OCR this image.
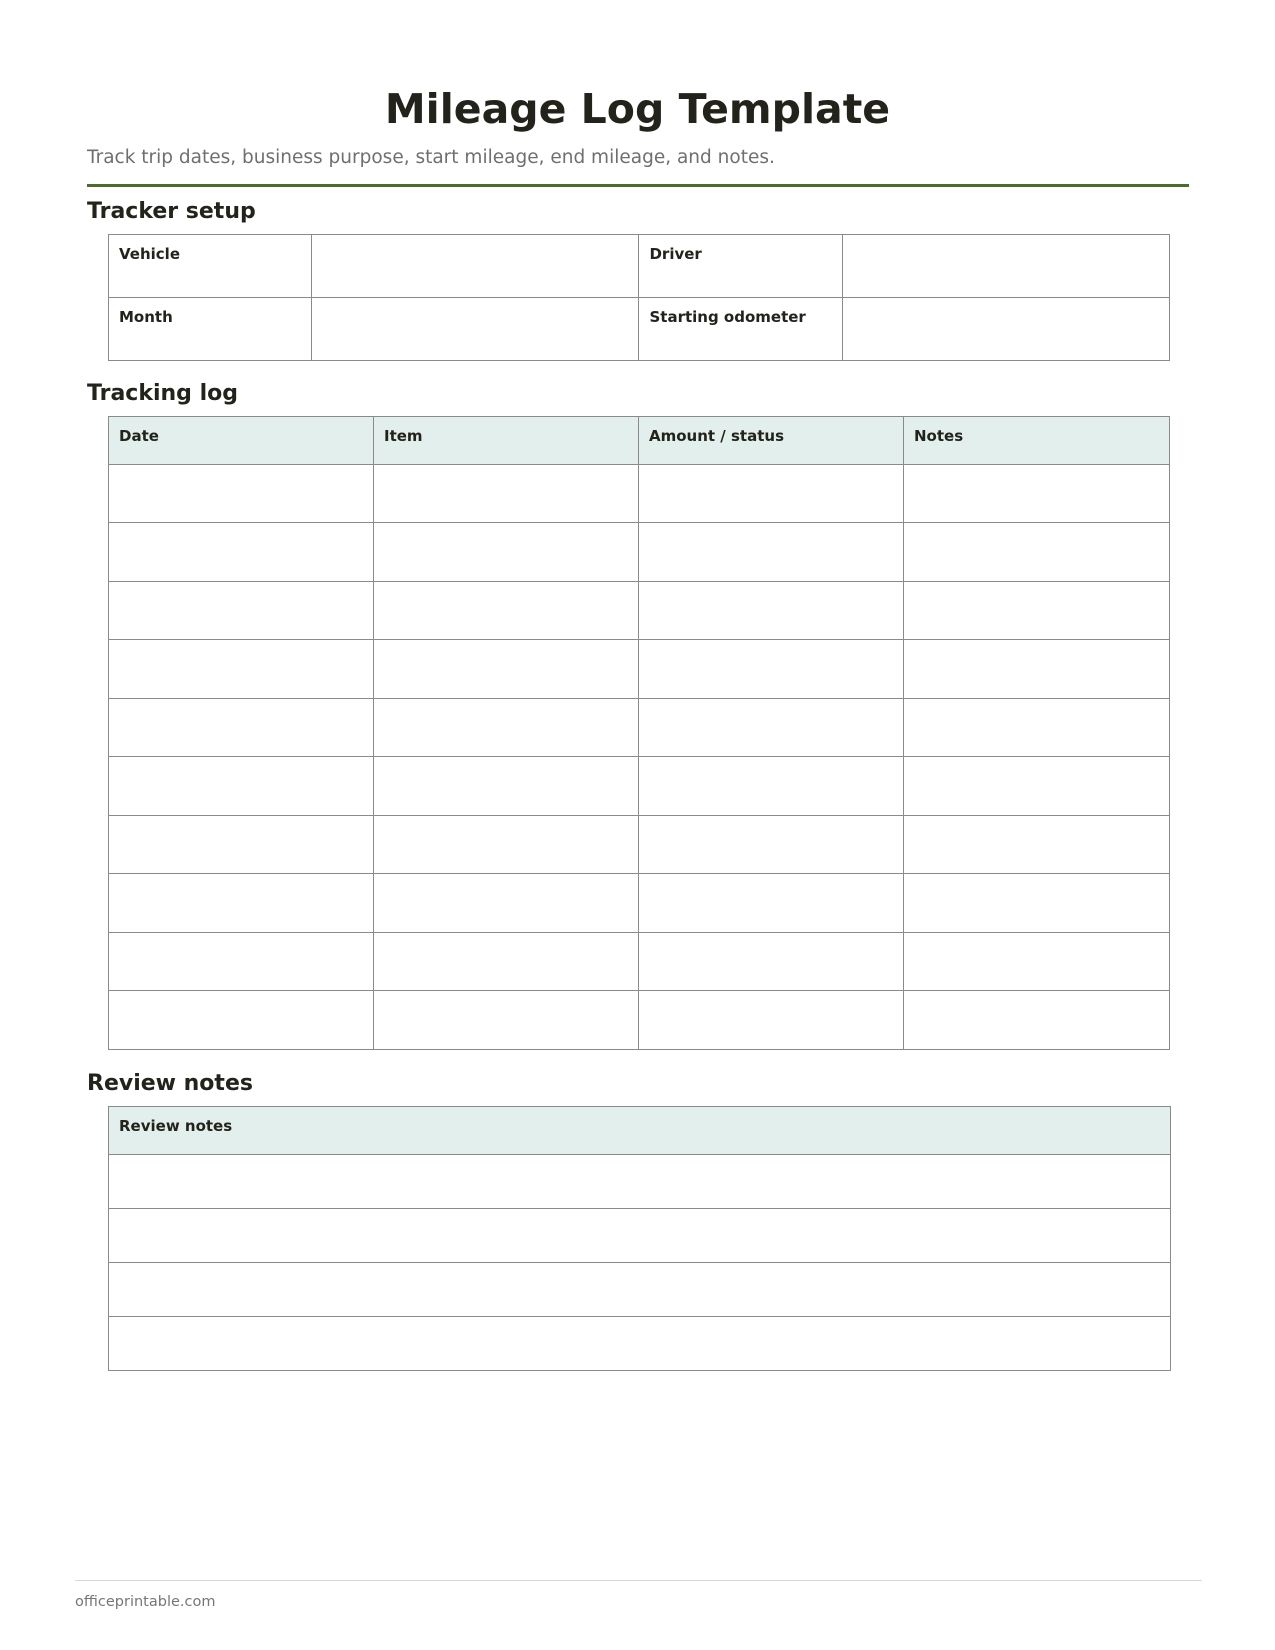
Mileage Log Template
Track trip dates, business purpose, start mileage, end mileage, and notes.
Tracker setup
Vehicle		Driver	
Month		Starting odometer	
Tracking log
Date	Item	Amount / status	Notes

Review notes
Review notes

officeprintable.com
